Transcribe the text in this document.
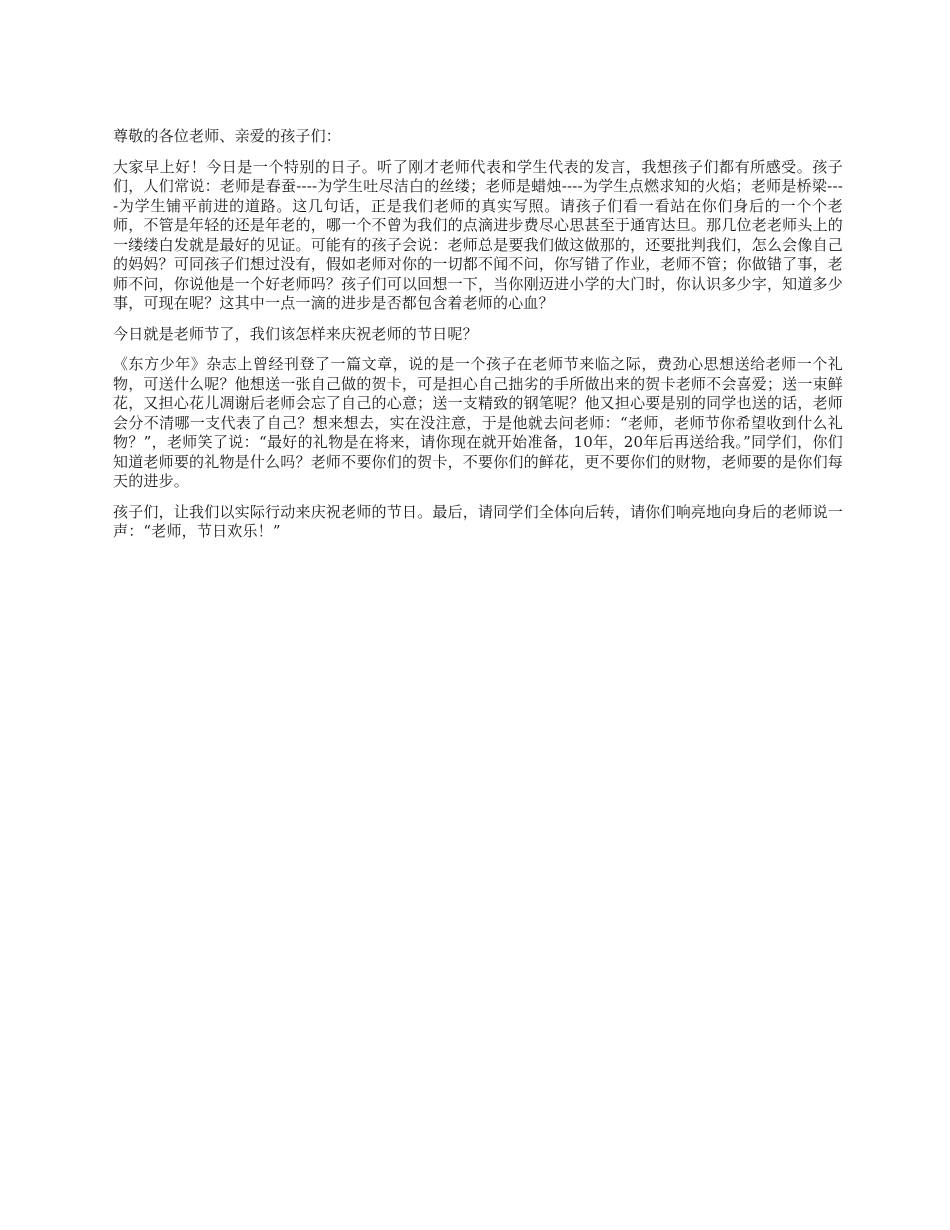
尊敬的各位老师、亲爱的孩子们：

大家早上好！今日是一个特别的日子。听了刚才老师代表和学生代表的发言，我想孩子们都有所感受。孩子们，人们常说：老师是春蚕----为学生吐尽洁白的丝缕；老师是蜡烛----为学生点燃求知的火焰；老师是桥梁----为学生铺平前进的道路。这几句话，正是我们老师的真实写照。请孩子们看一看站在你们身后的一个个老师，不管是年轻的还是年老的，哪一个不曾为我们的点滴进步费尽心思甚至于通宵达旦。那几位老老师头上的一缕缕白发就是最好的见证。可能有的孩子会说：老师总是要我们做这做那的，还要批判我们，怎么会像自己的妈妈？可同孩子们想过没有，假如老师对你的一切都不闻不问，你写错了作业，老师不管；你做错了事，老师不问，你说他是一个好老师吗？孩子们可以回想一下，当你刚迈进小学的大门时，你认识多少字，知道多少事，可现在呢？这其中一点一滴的进步是否都包含着老师的心血？

今日就是老师节了，我们该怎样来庆祝老师的节日呢？

《东方少年》杂志上曾经刊登了一篇文章，说的是一个孩子在老师节来临之际，费劲心思想送给老师一个礼物，可送什么呢？他想送一张自己做的贺卡，可是担心自己拙劣的手所做出来的贺卡老师不会喜爱；送一束鲜花，又担心花儿凋谢后老师会忘了自己的心意；送一支精致的钢笔呢？他又担心要是别的同学也送的话，老师会分不清哪一支代表了自己？想来想去，实在没注意，于是他就去问老师：“老师，老师节你希望收到什么礼物？”，老师笑了说：“最好的礼物是在将来，请你现在就开始准备，10年，20年后再送给我。”同学们，你们知道老师要的礼物是什么吗？老师不要你们的贺卡，不要你们的鲜花，更不要你们的财物，老师要的是你们每天的进步。

孩子们，让我们以实际行动来庆祝老师的节日。最后，请同学们全体向后转，请你们响亮地向身后的老师说一声：“老师，节日欢乐！”
